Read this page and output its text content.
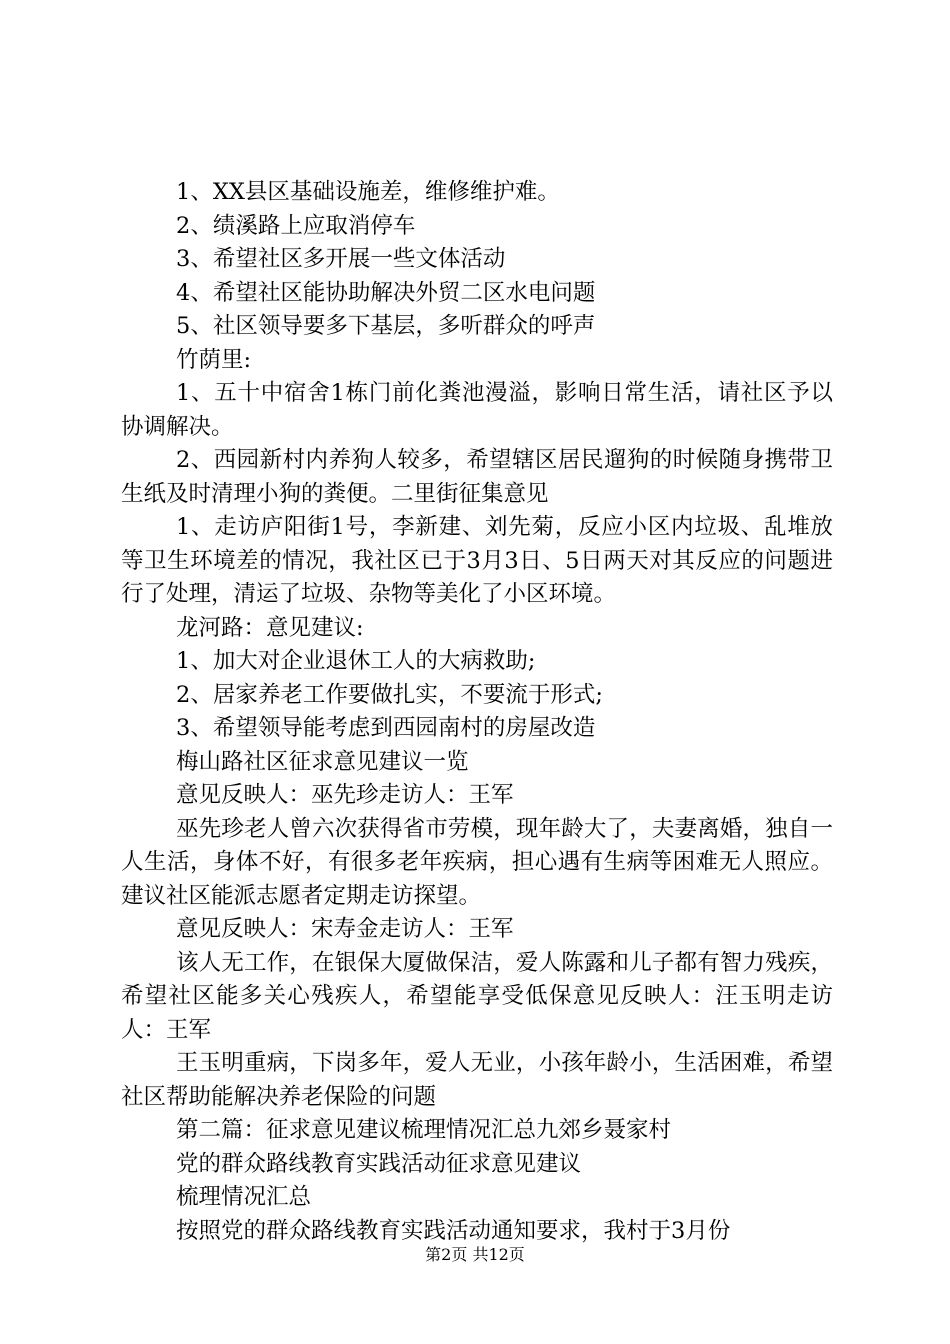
1、XX县区基础设施差，维修维护难。

2、绩溪路上应取消停车

3、希望社区多开展一些文体活动

4、希望社区能协助解决外贸二区水电问题

5、社区领导要多下基层，多听群众的呼声

竹荫里:

1、五十中宿舍1栋门前化粪池漫溢，影响日常生活，请社区予以协调解决。

2、西园新村内养狗人较多，希望辖区居民遛狗的时候随身携带卫生纸及时清理小狗的粪便。二里街征集意见

1、走访庐阳街1号，李新建、刘先菊，反应小区内垃圾、乱堆放等卫生环境差的情况，我社区已于3月3日、5日两天对其反应的问题进行了处理，清运了垃圾、杂物等美化了小区环境。

龙河路：意见建议:

1、加大对企业退休工人的大病救助;

2、居家养老工作要做扎实，不要流于形式;

3、希望领导能考虑到西园南村的房屋改造

梅山路社区征求意见建议一览

意见反映人：巫先珍走访人：王军

巫先珍老人曾六次获得省市劳模，现年龄大了，夫妻离婚，独自一人生活，身体不好，有很多老年疾病，担心遇有生病等困难无人照应。建议社区能派志愿者定期走访探望。

意见反映人：宋寿金走访人：王军

该人无工作，在银保大厦做保洁，爱人陈露和儿子都有智力残疾，希望社区能多关心残疾人，希望能享受低保意见反映人：汪玉明走访人：王军

王玉明重病，下岗多年，爱人无业，小孩年龄小，生活困难，希望社区帮助能解决养老保险的问题

第二篇：征求意见建议梳理情况汇总九郊乡聂家村

党的群众路线教育实践活动征求意见建议

梳理情况汇总

按照党的群众路线教育实践活动通知要求，我村于3月份

第2页 共12页
